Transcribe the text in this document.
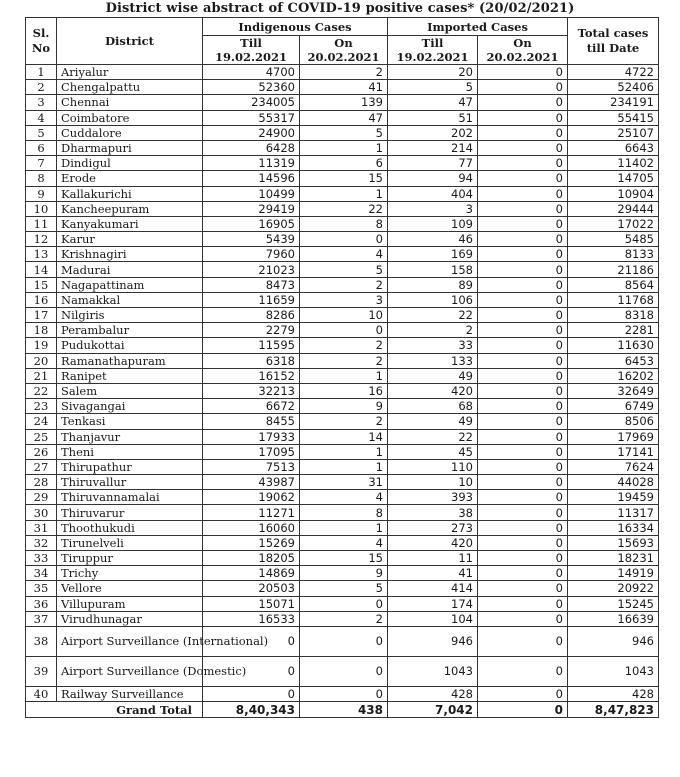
District wise abstract of COVID-19 positive cases* (20/02/2021)
Sl. No	District	Indigenous Cases		Imported Cases		Total cases till Date
		Till 19.02.2021	On 20.02.2021	Till 19.02.2021	On 20.02.2021	
1	Ariyalur	4700	2	20	0	4722
2	Chengalpattu	52360	41	5	0	52406
3	Chennai	234005	139	47	0	234191
4	Coimbatore	55317	47	51	0	55415
5	Cuddalore	24900	5	202	0	25107
6	Dharmapuri	6428	1	214	0	6643
7	Dindigul	11319	6	77	0	11402
8	Erode	14596	15	94	0	14705
9	Kallakurichi	10499	1	404	0	10904
10	Kancheepuram	29419	22	3	0	29444
11	Kanyakumari	16905	8	109	0	17022
12	Karur	5439	0	46	0	5485
13	Krishnagiri	7960	4	169	0	8133
14	Madurai	21023	5	158	0	21186
15	Nagapattinam	8473	2	89	0	8564
16	Namakkal	11659	3	106	0	11768
17	Nilgiris	8286	10	22	0	8318
18	Perambalur	2279	0	2	0	2281
19	Pudukottai	11595	2	33	0	11630
20	Ramanathapuram	6318	2	133	0	6453
21	Ranipet	16152	1	49	0	16202
22	Salem	32213	16	420	0	32649
23	Sivagangai	6672	9	68	0	6749
24	Tenkasi	8455	2	49	0	8506
25	Thanjavur	17933	14	22	0	17969
26	Theni	17095	1	45	0	17141
27	Thirupathur	7513	1	110	0	7624
28	Thiruvallur	43987	31	10	0	44028
29	Thiruvannamalai	19062	4	393	0	19459
30	Thiruvarur	11271	8	38	0	11317
31	Thoothukudi	16060	1	273	0	16334
32	Tirunelveli	15269	4	420	0	15693
33	Tiruppur	18205	15	11	0	18231
34	Trichy	14869	9	41	0	14919
35	Vellore	20503	5	414	0	20922
36	Villupuram	15071	0	174	0	15245
37	Virudhunagar	16533	2	104	0	16639
38	Airport Surveillance (International)	0	0	946	0	946
39	Airport Surveillance (Domestic)	0	0	1043	0	1043
40	Railway Surveillance	0	0	428	0	428
Grand Total		8,40,343	438	7,042	0	8,47,823
